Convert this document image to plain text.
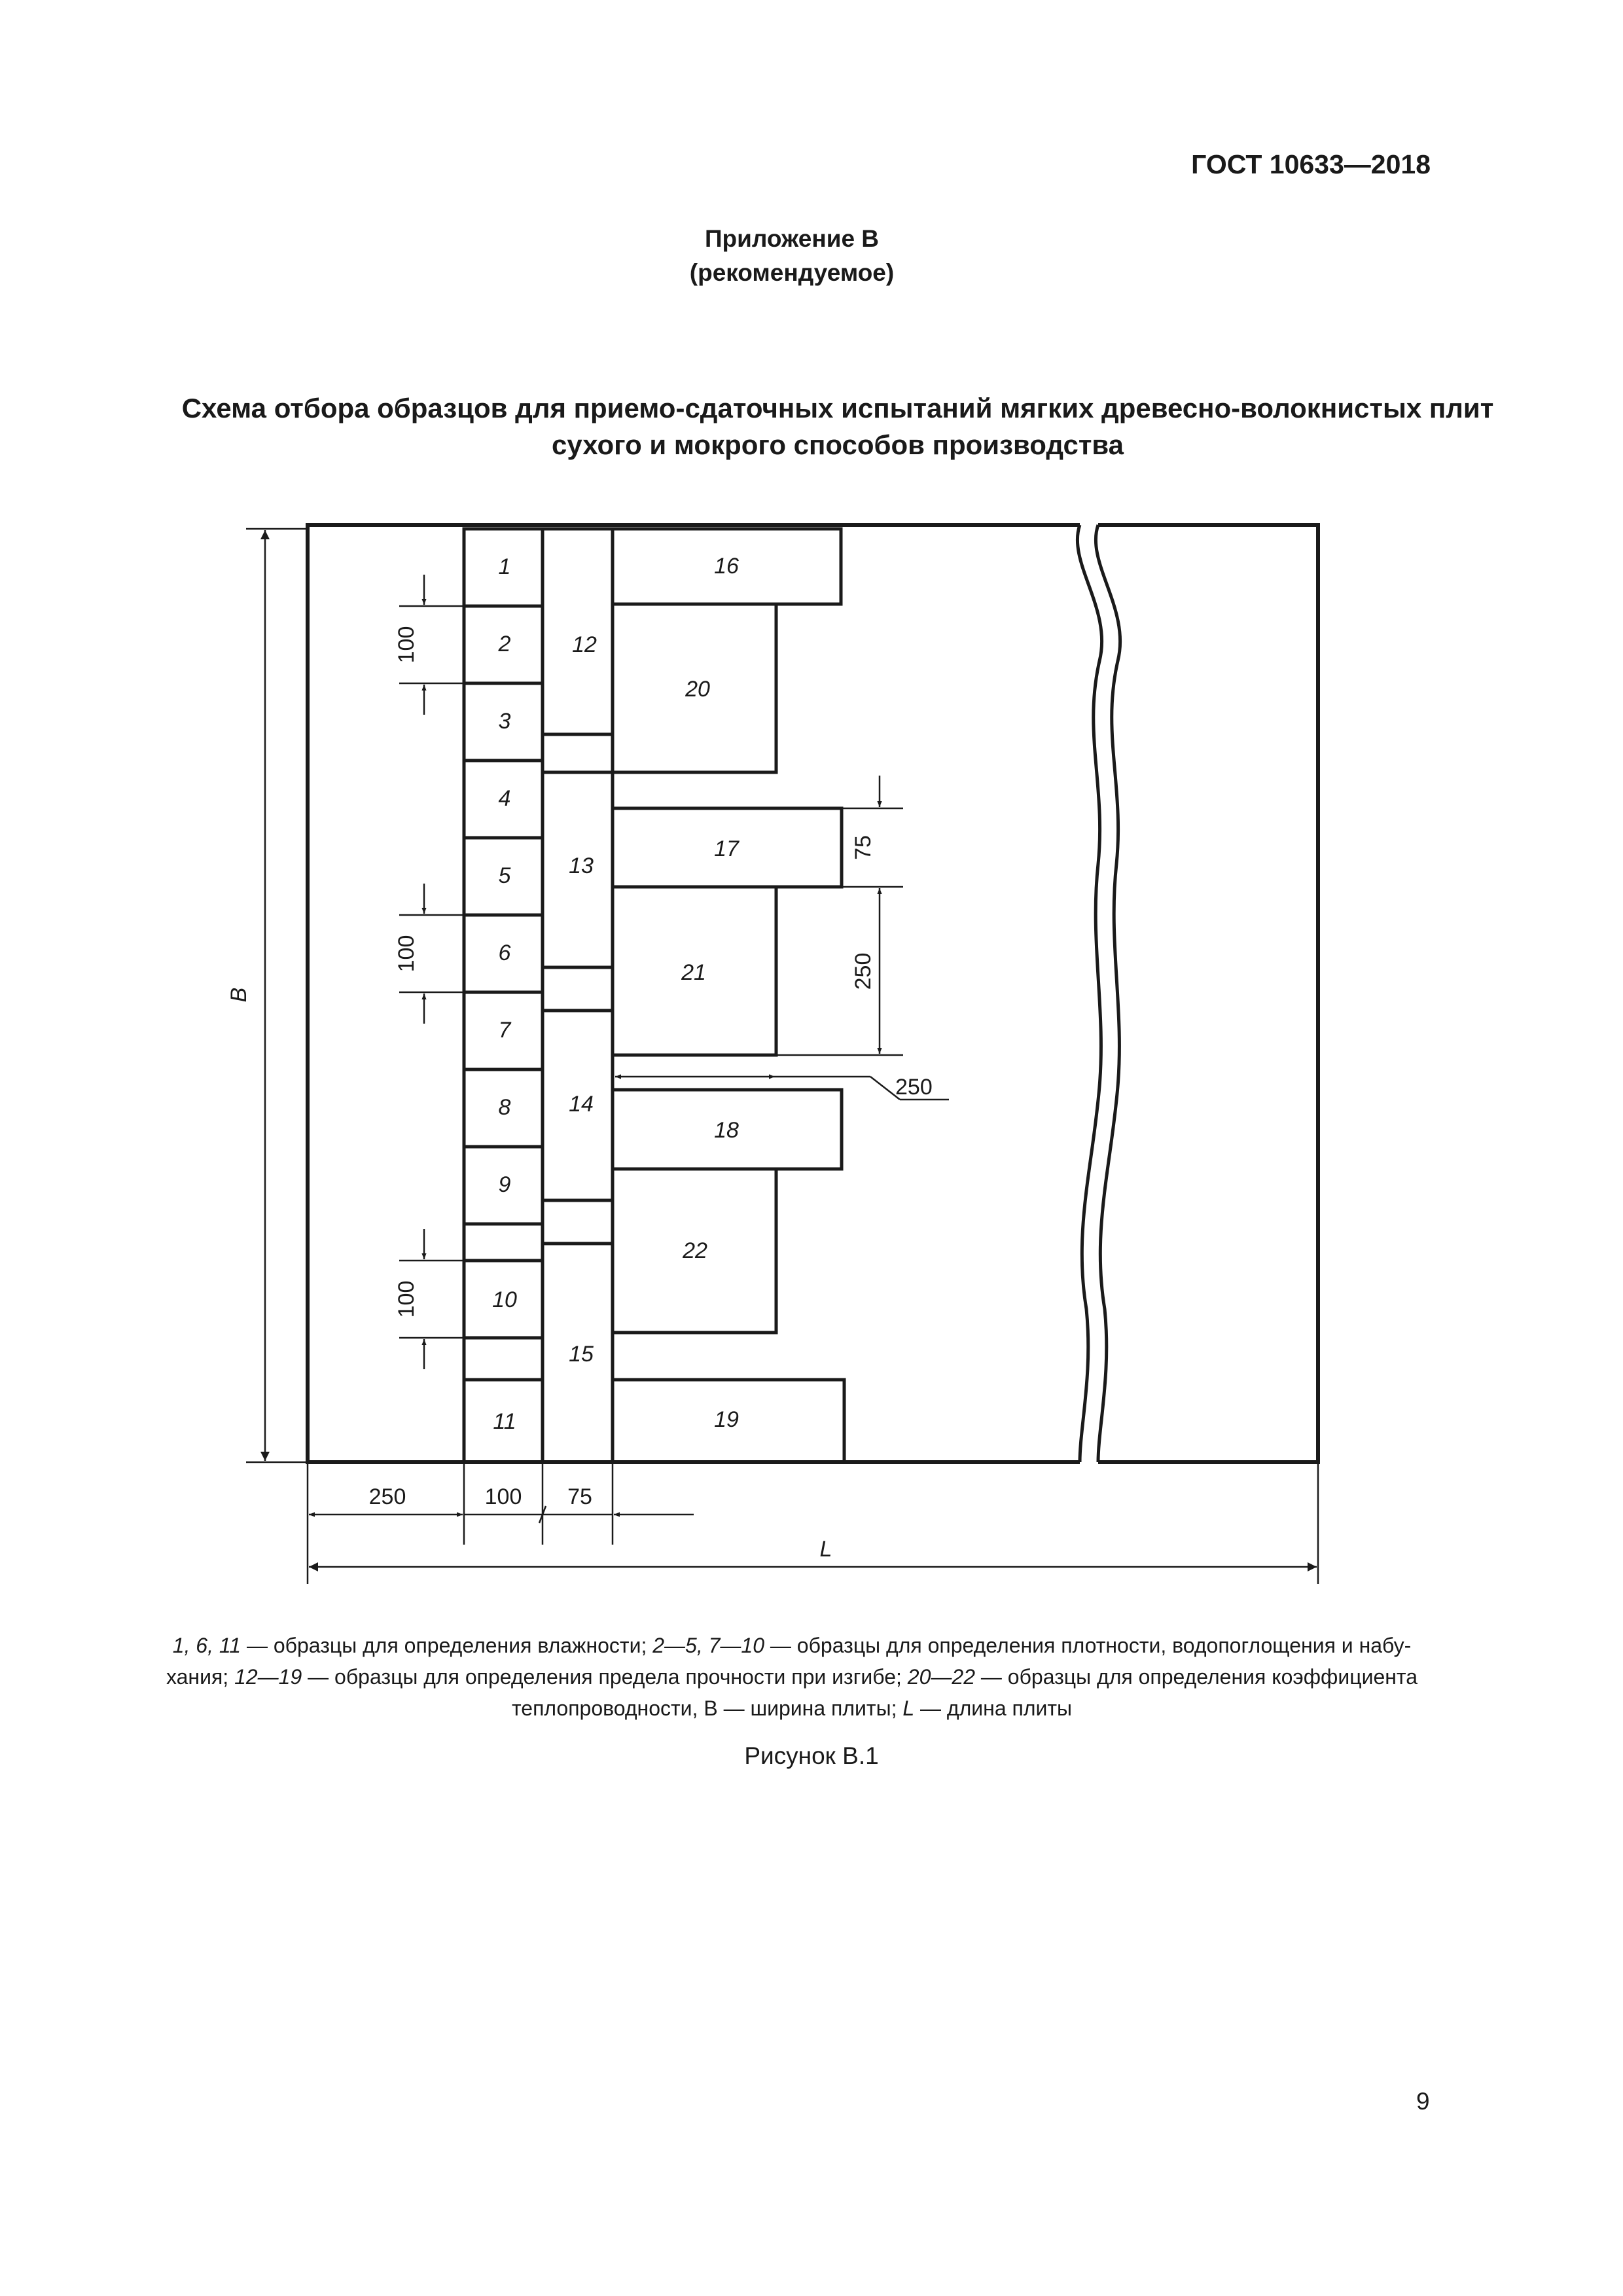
ГОСТ 10633—2018
Приложение В
(рекомендуемое)
Схема отбора образцов для приемо-сдаточных испытаний мягких древесно-волокнистых плит
сухого и мокрого способов производства
1
2
3
4
5
6
7
8
9
10
11
12
13
14
15
16
17
18
19
20
21
22
B
100
100
100
75
250
250
250	100 75
L
1, 6, 11 — образцы для определения влажности; 2—5, 7—10 — образцы для определения плотности, водопоглощения и набу-
хания; 12—19 — образцы для определения предела прочности при изгибе; 20—22 — образцы для определения коэффициента
теплопроводности, В — ширина плиты; L — длина плиты
Рисунок В.1
9
